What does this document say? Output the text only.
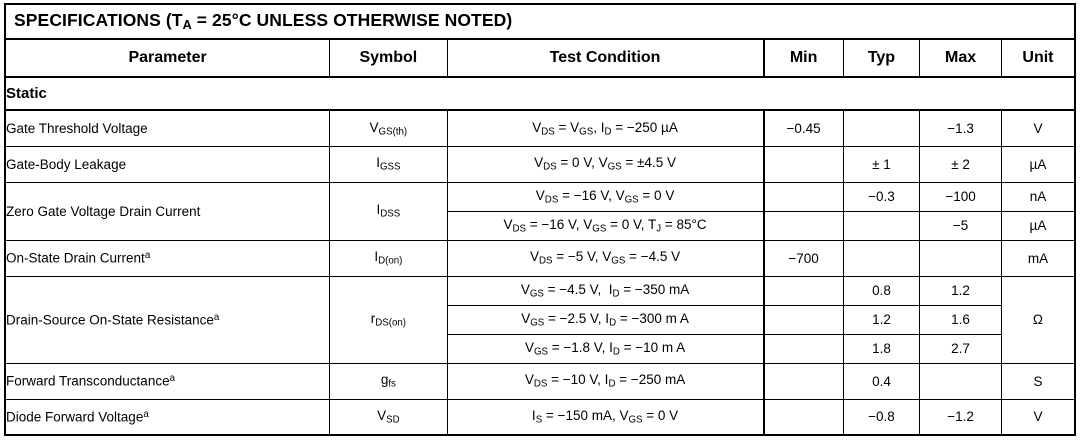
SPECIFICATIONS ($T_A = 25^\circ C$ UNLESS OTHERWISE NOTED)						
Parameter	Symbol	Test Condition	Min	Typ	Max	Unit
Static						
Gate Threshold Voltage	$V_{GS(th)}$	$V_{DS} = V_{GS}$, $I_D = -250$ µA	−0.45		−1.3	V
Gate-Body Leakage	$I_{GSS}$	$V_{DS} = 0$ V, $V_{GS} = \pm 4.5$ V		± 1	± 2	µA
Zero Gate Voltage Drain Current	$I_{DSS}$	$V_{DS} = -16$ V, $V_{GS} = 0$ V		−0.3	−100	nA
		$V_{DS} = -16$ V, $V_{GS} = 0$ V, $T_J = 85^\circ C$			−5	µA
On-State Drain Current$^a$	$I_{D(on)}$	$V_{DS} = -5$ V, $V_{GS} = -4.5$ V	−700			mA
Drain-Source On-State Resistance$^a$	$r_{DS(on)}$	$V_{GS} = -4.5$ V,  $I_D = -350$ mA		0.8	1.2	Ω
		$V_{GS} = -2.5$ V, $I_D = -300$ m A		1.2	1.6	
		$V_{GS} = -1.8$ V, $I_D = -10$ m A		1.8	2.7	
Forward Transconductance$^a$	$g_{fs}$	$V_{DS} = -10$ V, $I_D = -250$ mA		0.4		S
Diode Forward Voltage$^a$	$V_{SD}$	$I_S = -150$ mA, $V_{GS} = 0$ V		−0.8	−1.2	V
